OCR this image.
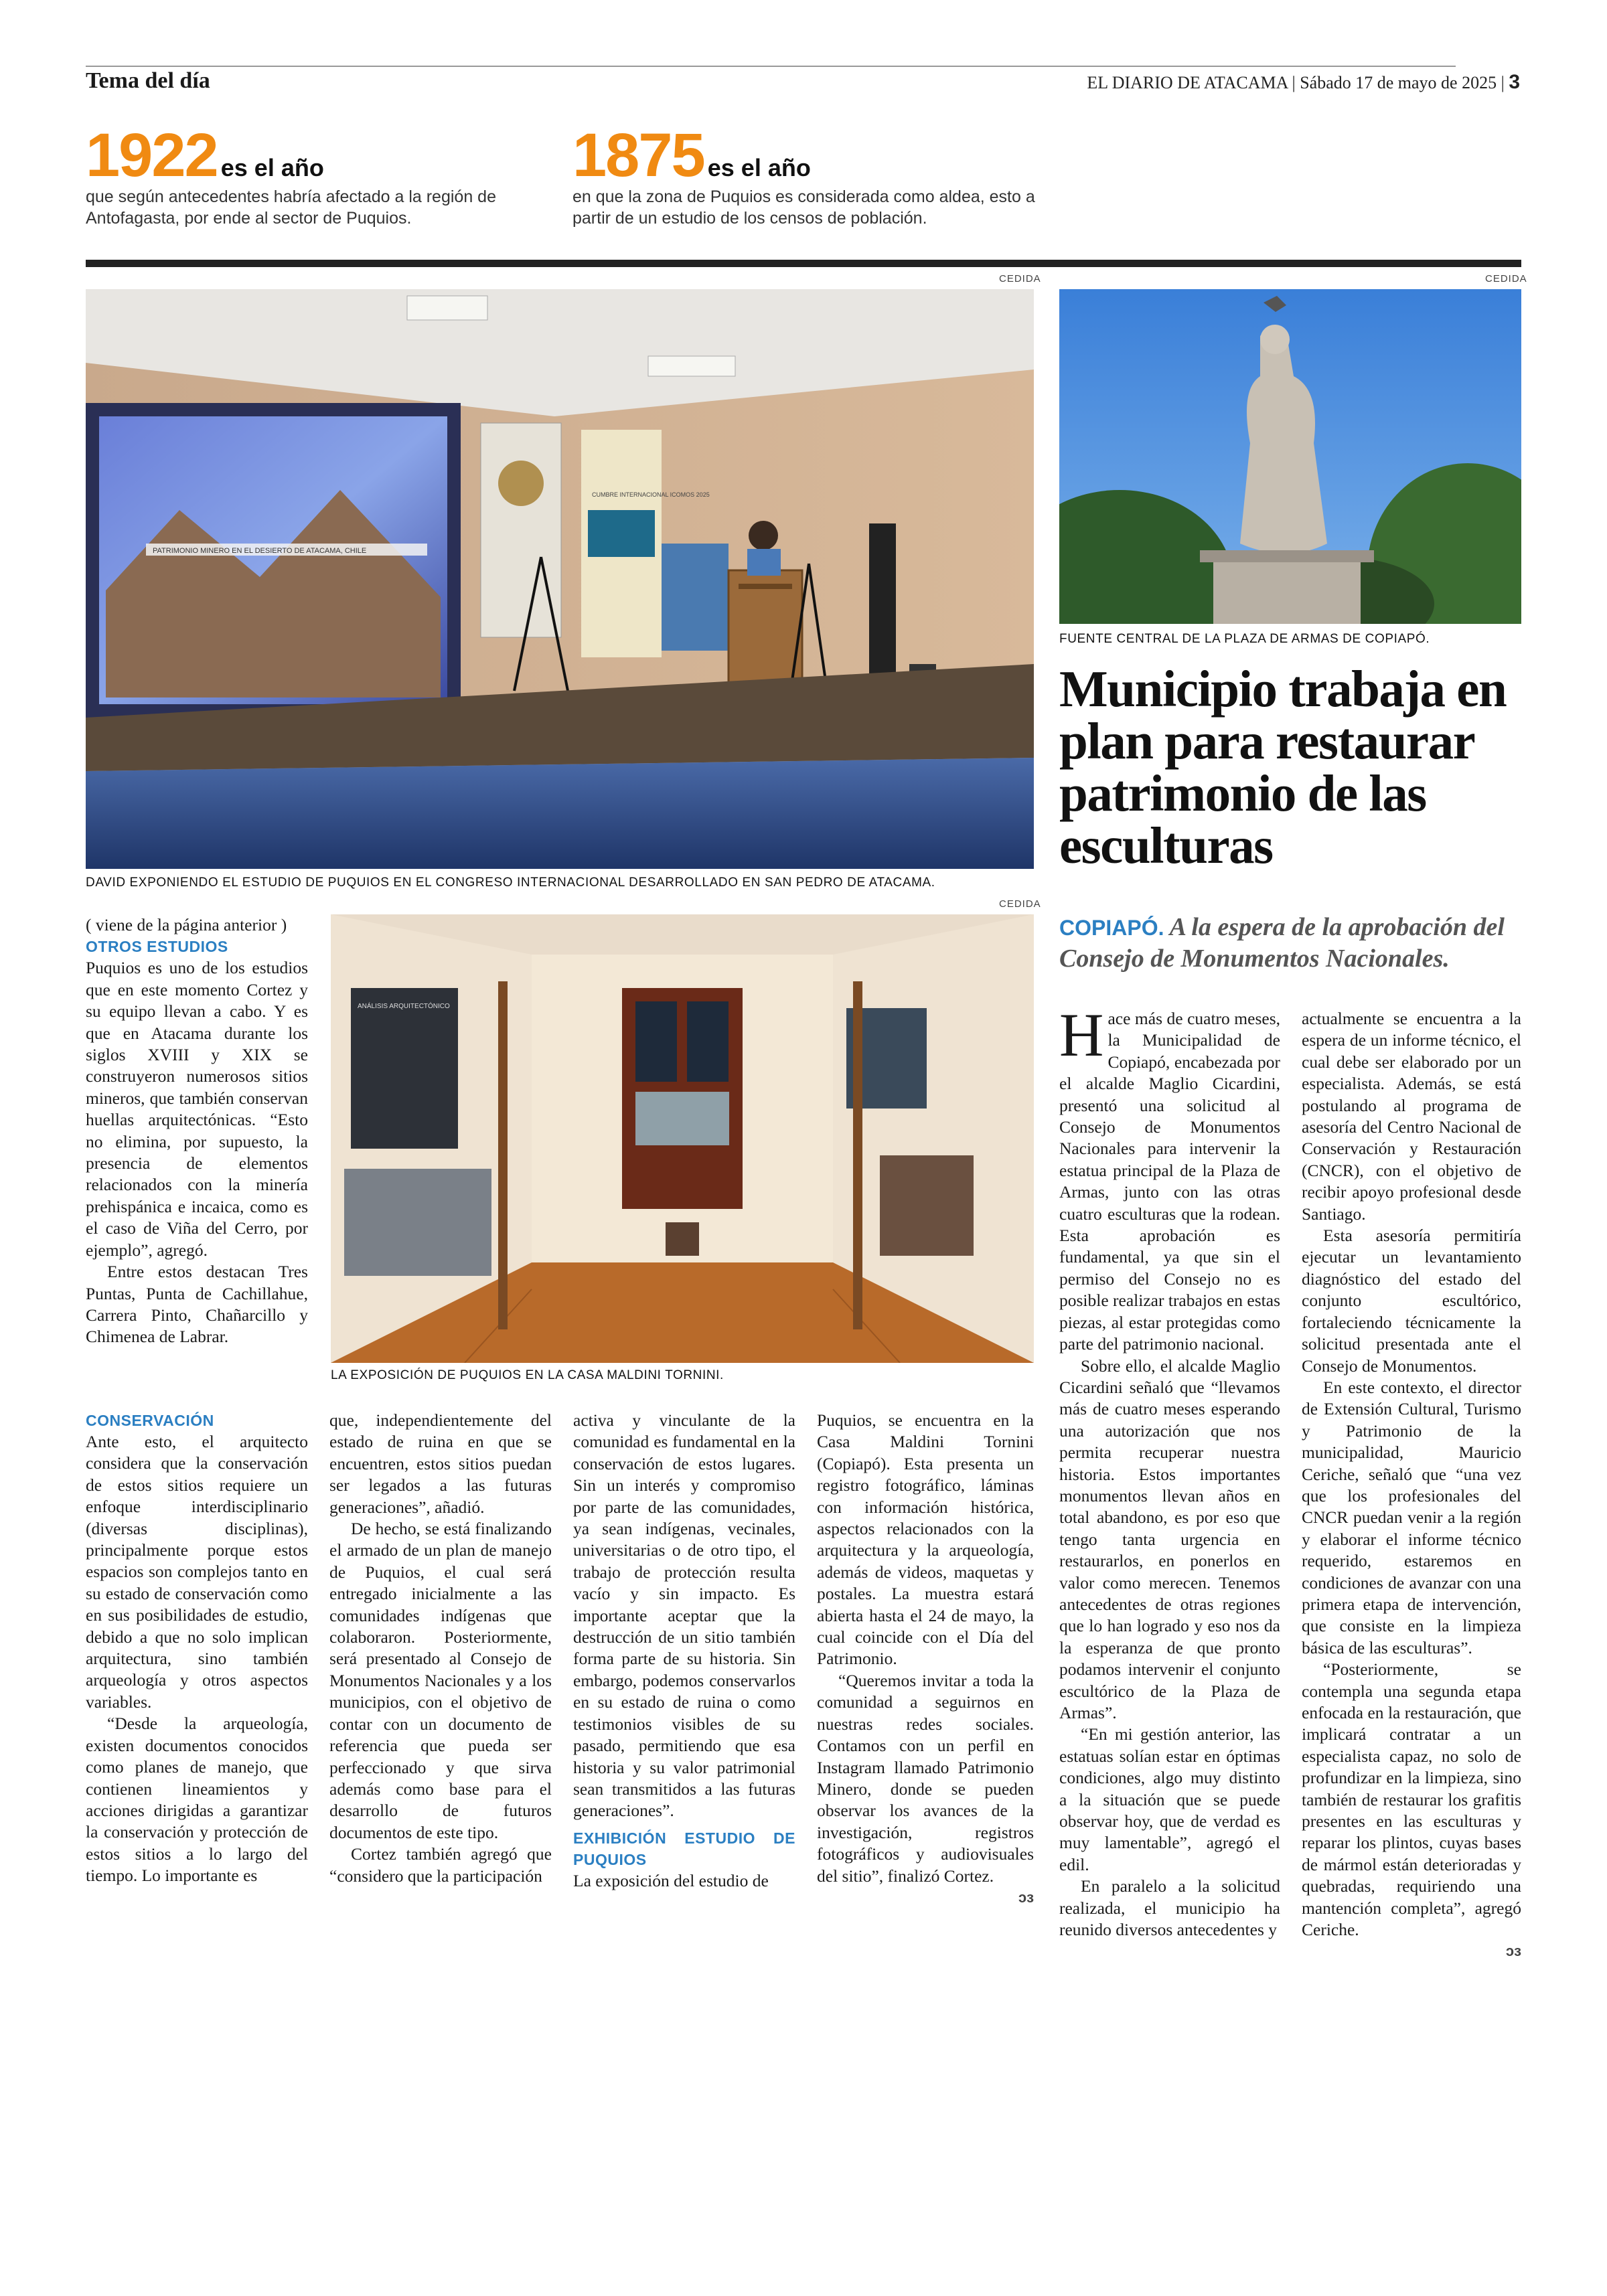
Tema del día	EL DIARIO DE ATACAMA | Sábado 17 de mayo de 2025 | 3
1922 es el año
que según antecedentes habría afectado a la región de Antofagasta, por ende al sector de Puquios.
1875 es el año
en que la zona de Puquios es considerada como aldea, esto a partir de un estudio de los censos de población.
CEDIDA
PATRIMONIO MINERO EN EL DESIERTO DE ATACAMA, CHILE
CUMBRE INTERNACIONAL ICOMOS 2025
DAVID EXPONIENDO EL ESTUDIO DE PUQUIOS EN EL CONGRESO INTERNACIONAL DESARROLLADO EN SAN PEDRO DE ATACAMA.
CEDIDA
FUENTE CENTRAL DE LA PLAZA DE ARMAS DE COPIAPÓ.
Municipio trabaja en plan para restaurar patrimonio de las esculturas
COPIAPÓ. A la espera de la aprobación del Consejo de Monumentos Nacionales.
CEDIDA
ANÁLISIS ARQUITECTÓNICO
LA EXPOSICIÓN DE PUQUIOS EN LA CASA MALDINI TORNINI.

( viene de la página anterior )

OTROS ESTUDIOS

Puquios es uno de los estudios que en este momento Cortez y su equipo llevan a cabo. Y es que en Atacama durante los siglos XVIII y XIX se construyeron numerosos sitios mineros, que también conservan huellas arquitectónicas. “Esto no elimina, por supuesto, la presencia de elementos relacionados con la minería prehispánica e incaica, como es el caso de Viña del Cerro, por ejemplo”, agregó.

Entre estos destacan Tres Puntas, Punta de Cachillahue, Carrera Pinto, Chañarcillo y Chimenea de Labrar.

CONSERVACIÓN

Ante esto, el arquitecto considera que la conservación de estos sitios requiere un enfoque interdisciplinario (diversas disciplinas), principalmente porque estos espacios son complejos tanto en su estado de conservación como en sus posibilidades de estudio, debido a que no solo implican arquitectura, sino también arqueología y otros aspectos variables.

“Desde la arqueología, existen documentos conocidos como planes de manejo, que contienen lineamientos y acciones dirigidas a garantizar la conservación y protección de estos sitios a lo largo del tiempo. Lo importante es

que, independientemente del estado de ruina en que se encuentren, estos sitios puedan ser legados a las futuras generaciones”, añadió.

De hecho, se está finalizando el armado de un plan de manejo de Puquios, el cual será entregado inicialmente a las comunidades indígenas que colaboraron. Posteriormente, será presentado al Consejo de Monumentos Nacionales y a los municipios, con el objetivo de contar con un documento de referencia que pueda ser perfeccionado y que sirva además como base para el desarrollo de futuros documentos de este tipo.

Cortez también agregó que “considero que la participación

activa y vinculante de la comunidad es fundamental en la conservación de estos lugares. Sin un interés y compromiso por parte de las comunidades, ya sean indígenas, vecinales, universitarias o de otro tipo, el trabajo de protección resulta vacío y sin impacto. Es importante aceptar que la destrucción de un sitio también forma parte de su historia. Sin embargo, podemos conservarlos en su estado de ruina o como testimonios visibles de su pasado, permitiendo que esa historia y su valor patrimonial sean transmitidos a las futuras generaciones”.

EXHIBICIÓN ESTUDIO DE PUQUIOS

La exposición del estudio de

Puquios, se encuentra en la Casa Maldini Tornini (Copiapó). Esta presenta un registro fotográfico, láminas con información histórica, aspectos relacionados con la arquitectura y la arqueología, además de videos, maquetas y postales. La muestra estará abierta hasta el 24 de mayo, la cual coincide con el Día del Patrimonio.

“Queremos invitar a toda la comunidad a seguirnos en nuestras redes sociales. Contamos con un perfil en Instagram llamado Patrimonio Minero, donde se pueden observar los avances de la investigación, registros fotográficos y audiovisuales del sitio”, finalizó Cortez.

ↄɜ

Hace más de cuatro meses, la Municipalidad de Copiapó, encabezada por el alcalde Maglio Cicardini, presentó una solicitud al Consejo de Monumentos Nacionales para intervenir la estatua principal de la Plaza de Armas, junto con las otras cuatro esculturas que la rodean. Esta aprobación es fundamental, ya que sin el permiso del Consejo no es posible realizar trabajos en estas piezas, al estar protegidas como parte del patrimonio nacional.

Sobre ello, el alcalde Maglio Cicardini señaló que “llevamos más de cuatro meses esperando una autorización que nos permita recuperar nuestra historia. Estos importantes monumentos llevan años en total abandono, es por eso que tengo tanta urgencia en restaurarlos, en ponerlos en valor como merecen. Tenemos antecedentes de otras regiones que lo han logrado y eso nos da la esperanza de que pronto podamos intervenir el conjunto escultórico de la Plaza de Armas”.

“En mi gestión anterior, las estatuas solían estar en óptimas condiciones, algo muy distinto a la situación que se puede observar hoy, que de verdad es muy lamentable”, agregó el edil.

En paralelo a la solicitud realizada, el municipio ha reunido diversos antecedentes y

actualmente se encuentra a la espera de un informe técnico, el cual debe ser elaborado por un especialista. Además, se está postulando al programa de asesoría del Centro Nacional de Conservación y Restauración (CNCR), con el objetivo de recibir apoyo profesional desde Santiago.

Esta asesoría permitiría ejecutar un levantamiento diagnóstico del estado del conjunto escultórico, fortaleciendo técnicamente la solicitud presentada ante el Consejo de Monumentos.

En este contexto, el director de Extensión Cultural, Turismo y Patrimonio de la municipalidad, Mauricio Ceriche, señaló que “una vez que los profesionales del CNCR puedan venir a la región y elaborar el informe técnico requerido, estaremos en condiciones de avanzar con una primera etapa de intervención, que consiste en la limpieza básica de las esculturas”.

“Posteriormente, se contempla una segunda etapa enfocada en la restauración, que implicará contratar a un especialista capaz, no solo de profundizar en la limpieza, sino también de restaurar los grafitis presentes en las esculturas y reparar los plintos, cuyas bases de mármol están deterioradas y quebradas, requiriendo una mantención completa”, agregó Ceriche.

ↄɜ
